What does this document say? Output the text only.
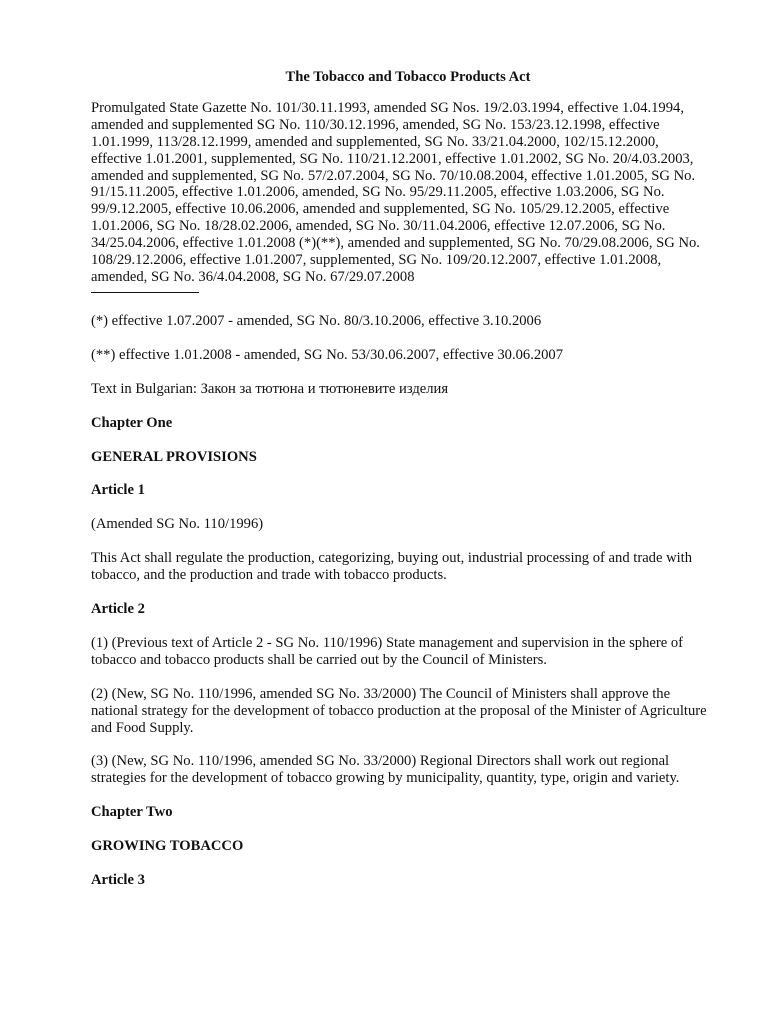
The Tobacco and Tobacco Products Act

Promulgated State Gazette No. 101/30.11.1993, amended SG Nos. 19/2.03.1994, effective 1.04.1994, amended and supplemented SG No. 110/30.12.1996, amended, SG No. 153/23.12.1998, effective 1.01.1999, 113/28.12.1999, amended and supplemented, SG No. 33/21.04.2000, 102/15.12.2000, effective 1.01.2001, supplemented, SG No. 110/21.12.2001, effective 1.01.2002, SG No. 20/4.03.2003, amended and supplemented, SG No. 57/2.07.2004, SG No. 70/10.08.2004, effective 1.01.2005, SG No. 91/15.11.2005, effective 1.01.2006, amended, SG No. 95/29.11.2005, effective 1.03.2006, SG No. 99/9.12.2005, effective 10.06.2006, amended and supplemented, SG No. 105/29.12.2005, effective 1.01.2006, SG No. 18/28.02.2006, amended, SG No. 30/11.04.2006, effective 12.07.2006, SG No. 34/25.04.2006, effective 1.01.2008 (*)(**), amended and supplemented, SG No. 70/29.08.2006, SG No. 108/29.12.2006, effective 1.01.2007, supplemented, SG No. 109/20.12.2007, effective 1.01.2008, amended, SG No. 36/4.04.2008, SG No. 67/29.07.2008

(*) effective 1.07.2007 - amended, SG No. 80/3.10.2006, effective 3.10.2006

(**) effective 1.01.2008 - amended, SG No. 53/30.06.2007, effective 30.06.2007

Text in Bulgarian: Закон за тютюна и тютюневите изделия

Chapter One

GENERAL PROVISIONS

Article 1

(Amended SG No. 110/1996)

This Act shall regulate the production, categorizing, buying out, industrial processing of and trade with tobacco, and the production and trade with tobacco products.

Article 2

(1) (Previous text of Article 2 - SG No. 110/1996) State management and supervision in the sphere of tobacco and tobacco products shall be carried out by the Council of Ministers.

(2) (New, SG No. 110/1996, amended SG No. 33/2000) The Council of Ministers shall approve the national strategy for the development of tobacco production at the proposal of the Minister of Agriculture and Food Supply.

(3) (New, SG No. 110/1996, amended SG No. 33/2000) Regional Directors shall work out regional strategies for the development of tobacco growing by municipality, quantity, type, origin and variety.

Chapter Two

GROWING TOBACCO

Article 3
